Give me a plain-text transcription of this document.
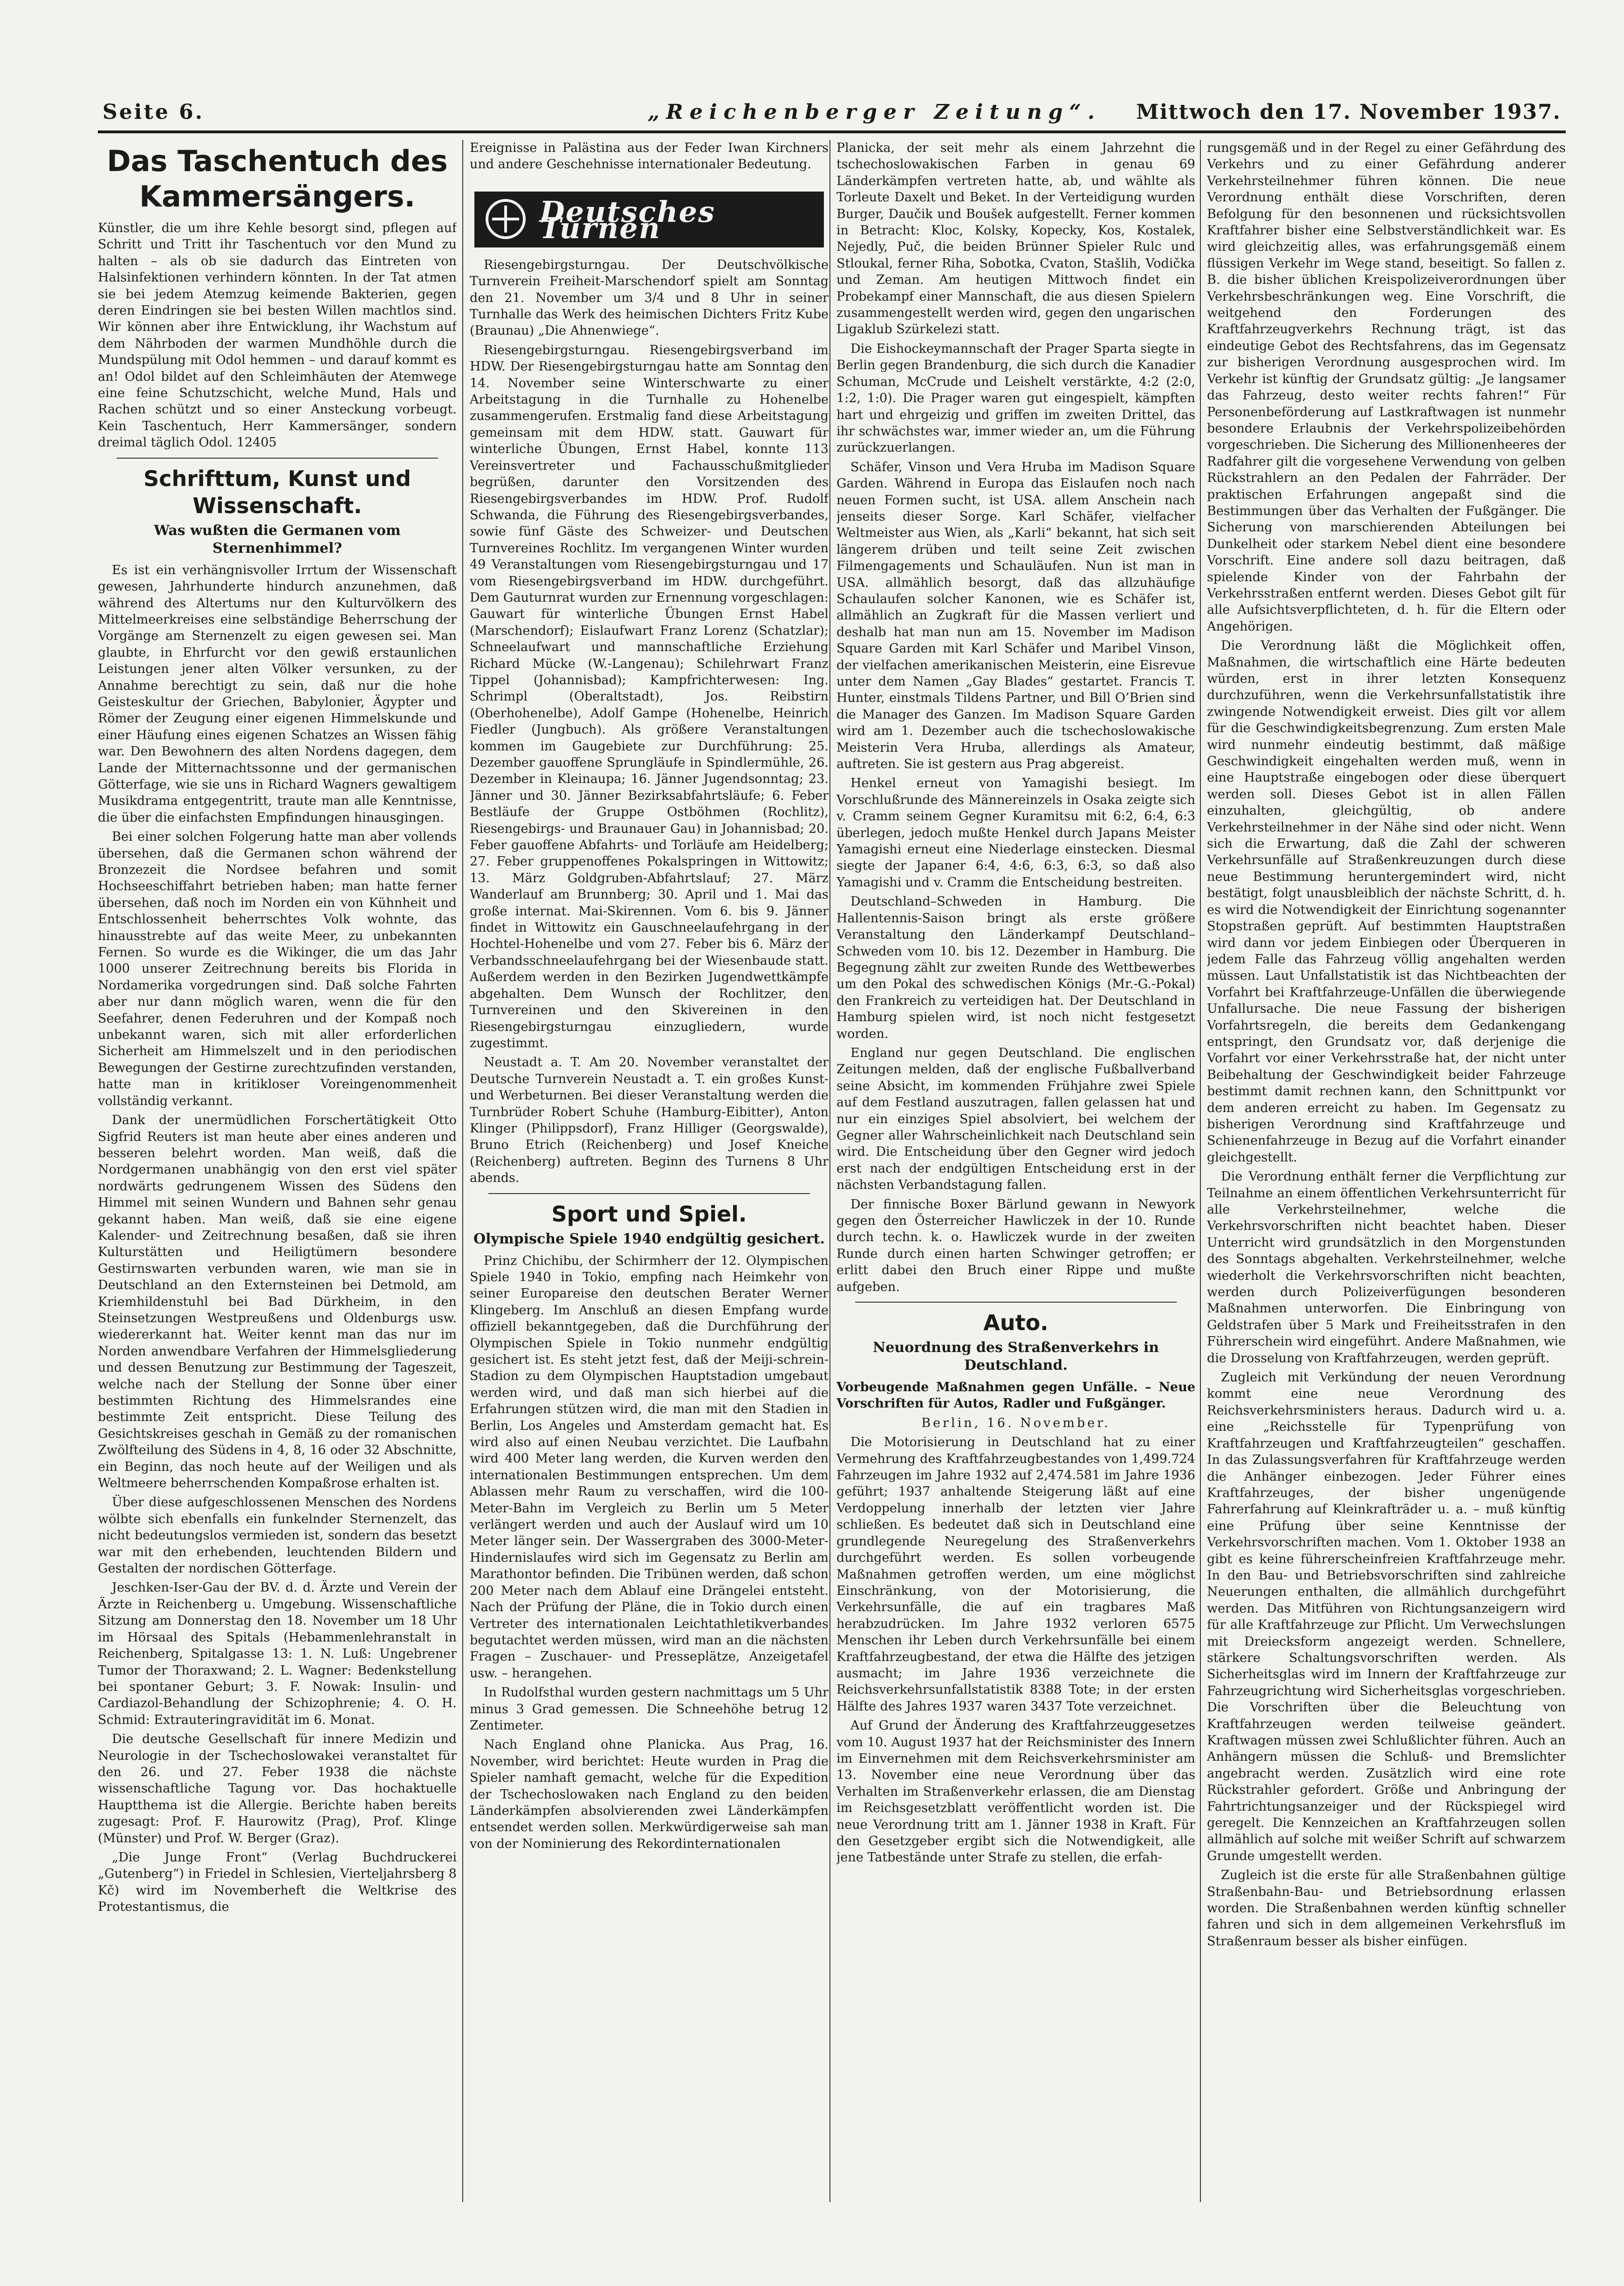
Seite 6.	„Reichenberger Zeitung“. Mittwoch den 17. November 1937.
Das Taschentuch des Kammersängers.

Künstler, die um ihre Kehle besorgt sind, pflegen auf Schritt und Tritt ihr Taschentuch vor den Mund zu halten – als ob sie dadurch das Eintreten von Halsinfektionen verhindern könnten. In der Tat atmen sie bei jedem Atemzug keimende Bakterien, gegen deren Eindringen sie bei besten Willen machtlos sind. Wir können aber ihre Entwicklung, ihr Wachstum auf dem Nährboden der warmen Mundhöhle durch die Mundspülung mit Odol hemmen – und darauf kommt es an! Odol bildet auf den Schleimhäuten der Atemwege eine feine Schutzschicht, welche Mund, Hals und Rachen schützt und so einer Ansteckung vorbeugt. Kein Taschentuch, Herr Kammersänger, sondern dreimal täglich Odol. 12405

Schrifttum, Kunst und Wissenschaft.
Was wußten die Germanen vom Sternenhimmel?

Es ist ein verhängnisvoller Irrtum der Wissenschaft gewesen, Jahrhunderte hindurch anzunehmen, daß während des Altertums nur den Kulturvölkern des Mittelmeerkreises eine selbständige Beherrschung der Vorgänge am Sternenzelt zu eigen gewesen sei. Man glaubte, in Ehrfurcht vor den gewiß erstaunlichen Leistungen jener alten Völker versunken, zu der Annahme berechtigt zu sein, daß nur die hohe Geisteskultur der Griechen, Babylonier, Ägypter und Römer der Zeugung einer eigenen Himmelskunde und einer Häufung eines eigenen Schatzes an Wissen fähig war. Den Bewohnern des alten Nordens dagegen, dem Lande der Mitternachtssonne und der germanischen Götterfage, wie sie uns in Richard Wagners gewaltigem Musikdrama entgegentritt, traute man alle Kenntnisse, die über die einfachsten Empfindungen hinausgingen.

Bei einer solchen Folgerung hatte man aber vollends übersehen, daß die Germanen schon während der Bronzezeit die Nordsee befahren und somit Hochseeschiffahrt betrieben haben; man hatte ferner übersehen, daß noch im Norden ein von Kühnheit und Entschlossenheit beherrschtes Volk wohnte, das hinausstrebte auf das weite Meer, zu unbekannten Fernen. So wurde es die Wikinger, die um das Jahr 1000 unserer Zeitrechnung bereits bis Florida in Nordamerika vorgedrungen sind. Daß solche Fahrten aber nur dann möglich waren, wenn die für den Seefahrer, denen Federuhren und der Kompaß noch unbekannt waren, sich mit aller erforderlichen Sicherheit am Himmelszelt und in den periodischen Bewegungen der Gestirne zurechtzufinden verstanden, hatte man in kritikloser Voreingenommenheit vollständig verkannt.

Dank der unermüdlichen Forschertätigkeit Otto Sigfrid Reuters ist man heute aber eines anderen und besseren belehrt worden. Man weiß, daß die Nordgermanen unabhängig von den erst viel später nordwärts gedrungenem Wissen des Südens den Himmel mit seinen Wundern und Bahnen sehr genau gekannt haben. Man weiß, daß sie eine eigene Kalender- und Zeitrechnung besaßen, daß sie ihren Kulturstätten und Heiligtümern besondere Gestirnswarten verbunden waren, wie man sie in Deutschland an den Externsteinen bei Detmold, am Kriemhildenstuhl bei Bad Dürkheim, in den Steinsetzungen Westpreußens und Oldenburgs usw. wiedererkannt hat. Weiter kennt man das nur im Norden anwendbare Verfahren der Himmelsgliederung und dessen Benutzung zur Bestimmung der Tageszeit, welche nach der Stellung der Sonne über einer bestimmten Richtung des Himmelsrandes eine bestimmte Zeit entspricht. Diese Teilung des Gesichtskreises geschah in Gemäß zu der romanischen Zwölfteilung des Südens in 4, 8, 16 oder 32 Abschnitte, ein Beginn, das noch heute auf der Weiligen und als Weltmeere beherrschenden Kompaßrose erhalten ist.

Über diese aufgeschlossenen Menschen des Nordens wölbte sich ebenfalls ein funkelnder Sternenzelt, das nicht bedeutungslos vermieden ist, sondern das besetzt war mit den erhebenden, leuchtenden Bildern und Gestalten der nordischen Götterfage.

Jeschken-Iser-Gau der BV. d. d. Ärzte und Verein der Ärzte in Reichenberg u. Umgebung. Wissenschaftliche Sitzung am Donnerstag den 18. November um 18 Uhr im Hörsaal des Spitals (Hebammenlehranstalt in Reichenberg, Spitalgasse 13: 1. N. Luß: Ungebrener Tumor der Thoraxwand; 2. L. Wagner: Bedenkstellung bei spontaner Geburt; 3. F. Nowak: Insulin- und Cardiazol-Behandlung der Schizophrenie; 4. O. H. Schmid: Extrauteringravidität im 6. Monat.

Die deutsche Gesellschaft für innere Medizin und Neurologie in der Tschechoslowakei veranstaltet für den 26. und 27. Feber 1938 die nächste wissenschaftliche Tagung vor. Das hochaktuelle Hauptthema ist die Allergie. Berichte haben bereits zugesagt: Prof. F. Haurowitz (Prag), Prof. Klinge (Münster) und Prof. W. Berger (Graz).

„Die Junge Front“ (Verlag Buchdruckerei „Gutenberg“) in Friedel in Schlesien, Vierteljahrsberg 8 Kč) wird im Novemberheft die Weltkrise des Protestantismus, die

Ereignisse in Palästina aus der Feder Iwan Kirchners und andere Geschehnisse internationaler Bedeutung.

Deutsches Turnen

Riesengebirgsturngau. Der Deutschvölkische Turnverein Freiheit-Marschendorf spielt am Sonntag den 21. November um 3/4 und 8 Uhr in seiner Turnhalle das Werk des heimischen Dichters Fritz Kube (Braunau) „Die Ahnenwiege“.

Riesengebirgsturngau. Riesengebirgsverband im HDW. Der Riesengebirgsturngau hatte am Sonntag den 14. November seine Winterschwarte zu einer Arbeitstagung in die Turnhalle zu Hohenelbe zusammengerufen. Erstmalig fand diese Arbeitstagung gemeinsam mit dem HDW. statt. Gauwart für winterliche Übungen, Ernst Habel, konnte 113 Vereinsvertreter und Fachausschußmitglieder begrüßen, darunter den Vorsitzenden des Riesengebirgsverbandes im HDW. Prof. Rudolf Schwanda, die Führung des Riesengebirgsverbandes, sowie fünf Gäste des Schweizer- und Deutschen Turnvereines Rochlitz. Im vergangenen Winter wurden 49 Veranstaltungen vom Riesengebirgsturngau und 17 vom Riesengebirgsverband im HDW. durchgeführt. Dem Gauturnrat wurden zur Ernennung vorgeschlagen: Gauwart für winterliche Übungen Ernst Habel (Marschendorf); Eislaufwart Franz Lorenz (Schatzlar); Schneelaufwart und mannschaftliche Erziehung Richard Mücke (W.-Langenau); Schilehrwart Franz Tippel (Johannisbad); Kampfrichterwesen: Ing. Schrimpl (Oberaltstadt), Jos. Reibstirn (Oberhohenelbe), Adolf Gampe (Hohenelbe, Heinrich Fiedler (Jungbuch). Als größere Veranstaltungen kommen im Gaugebiete zur Durchführung: 25. Dezember gauoffene Sprungläufe in Spindlermühle, 26. Dezember in Kleinaupa; 16. Jänner Jugendsonntag; 23. Jänner und 30. Jänner Bezirksabfahrtsläufe; 6. Feber Bestläufe der Gruppe Ostböhmen (Rochlitz), Riesengebirgs- und Braunauer Gau) in Johannisbad; 20. Feber gauoffene Abfahrts- und Torläufe am Heidelberg; 27. Feber gruppenoffenes Pokalspringen in Wittowitz; 13. März Goldgruben-Abfahrtslauf; 27. März Wanderlauf am Brunnberg; 30. April und 1. Mai das große internat. Mai-Skirennen. Vom 6. bis 9. Jänner findet in Wittowitz ein Gauschneelaufehrgang in der Hochtel-Hohenelbe und vom 27. Feber bis 6. März der Verbandsschneelaufehrgang bei der Wiesenbaude statt. Außerdem werden in den Bezirken Jugendwettkämpfe abgehalten. Dem Wunsch der Rochlitzer, den Turnvereinen und den Skivereinen in den Riesengebirgsturngau einzugliedern, wurde zugestimmt.

Neustadt a. T. Am 20. November veranstaltet der Deutsche Turnverein Neustadt a. T. ein großes Kunst- und Werbeturnen. Bei dieser Veranstaltung werden die Turnbrüder Robert Schuhe (Hamburg-Eibitter), Anton Klinger (Philippsdorf), Franz Hilliger (Georgswalde), Bruno Etrich (Reichenberg) und Josef Kneiche (Reichenberg) auftreten. Beginn des Turnens 8 Uhr abends.

Sport und Spiel.
Olympische Spiele 1940 endgültig gesichert.

Prinz Chichibu, der Schirmherr der 12. Olympischen Spiele 1940 in Tokio, empfing nach Heimkehr von seiner Europareise den deutschen Berater Werner Klingeberg. Im Anschluß an diesen Empfang wurde offiziell bekanntgegeben, daß die Durchführung der Olympischen Spiele in Tokio nunmehr endgültig gesichert ist. Es steht jetzt fest, daß der Meiji-schrein-Stadion zu dem Olympischen Hauptstadion umgebaut werden wird, und daß man sich hierbei auf die Erfahrungen stützen wird, die man mit den Stadien in Berlin, Los Angeles und Amsterdam gemacht hat. Es wird also auf einen Neubau verzichtet. Die Laufbahn wird 400 Meter lang werden, die Kurven werden den internationalen Bestimmungen entsprechen. Um dem Ablassen mehr Raum zu verschaffen, wird die 100-Meter-Bahn im Vergleich zu Berlin um 5 Meter verlängert werden und auch der Auslauf wird um 10 Meter länger sein. Der Wassergraben des 3000-Meter-Hindernislaufes wird sich im Gegensatz zu Berlin am Marathontor befinden. Die Tribünen werden, daß schon 200 Meter nach dem Ablauf eine Drängelei entsteht. Nach der Prüfung der Pläne, die in Tokio durch einen Vertreter des internationalen Leichtathletikverbandes begutachtet werden müssen, wird man an die nächsten Fragen – Zuschauer- und Presseplätze, Anzeigetafel usw. – herangehen.

In Rudolfsthal wurden gestern nachmittags um 5 Uhr minus 3 Grad gemessen. Die Schneehöhe betrug 12 Zentimeter.

Nach England ohne Planicka. Aus Prag, 16. November, wird berichtet: Heute wurden in Prag die Spieler namhaft gemacht, welche für die Expedition der Tschechoslowaken nach England zu den beiden Länderkämpfen absolvierenden zwei Länderkämpfen entsendet werden sollen. Merkwürdigerweise sah man von der Nominierung des Rekordinternationalen

Planicka, der seit mehr als einem Jahrzehnt die tschechoslowakischen Farben in genau 69 Länderkämpfen vertreten hatte, ab, und wählte als Torleute Daxelt und Beket. In der Verteidigung wurden Burger, Daučik und Boušek aufgestellt. Ferner kommen in Betracht: Kloc, Kolsky, Kopecky, Kos, Kostalek, Nejedly, Puč, die beiden Brünner Spieler Rulc und Stloukal, ferner Riha, Sobotka, Cvaton, Stašlih, Vodička und Zeman. Am heutigen Mittwoch findet ein Probekampf einer Mannschaft, die aus diesen Spielern zusammengestellt werden wird, gegen den ungarischen Ligaklub Szürkelezi statt.

Die Eishockeymannschaft der Prager Sparta siegte in Berlin gegen Brandenburg, die sich durch die Kanadier Schuman, McCrude und Leishelt verstärkte, 4:2 (2:0, 1:2, 1:0). Die Prager waren gut eingespielt, kämpften hart und ehrgeizig und griffen im zweiten Drittel, das ihr schwächstes war, immer wieder an, um die Führung zurückzuerlangen.

Schäfer, Vinson und Vera Hruba im Madison Square Garden. Während in Europa das Eislaufen noch nach neuen Formen sucht, ist USA. allem Anschein nach jenseits dieser Sorge. Karl Schäfer, vielfacher Weltmeister aus Wien, als „Karli“ bekannt, hat sich seit längerem drüben und teilt seine Zeit zwischen Filmengagements und Schauläufen. Nun ist man in USA. allmählich besorgt, daß das allzuhäufige Schaulaufen solcher Kanonen, wie es Schäfer ist, allmählich an Zugkraft für die Massen verliert und deshalb hat man nun am 15. November im Madison Square Garden mit Karl Schäfer und Maribel Vinson, der vielfachen amerikanischen Meisterin, eine Eisrevue unter dem Namen „Gay Blades“ gestartet. Francis T. Hunter, einstmals Tildens Partner, und Bill O’Brien sind die Manager des Ganzen. Im Madison Square Garden wird am 1. Dezember auch die tschechoslowakische Meisterin Vera Hruba, allerdings als Amateur, auftreten. Sie ist gestern aus Prag abgereist.

Henkel erneut von Yamagishi besiegt. Im Vorschlußrunde des Männereinzels in Osaka zeigte sich v. Cramm seinem Gegner Kuramitsu mit 6:2, 6:4, 6:3 überlegen, jedoch mußte Henkel durch Japans Meister Yamagishi erneut eine Niederlage einstecken. Diesmal siegte der Japaner 6:4, 4:6, 6:3, 6:3, so daß also Yamagishi und v. Cramm die Entscheidung bestreiten.

Deutschland–Schweden in Hamburg. Die Hallentennis-Saison bringt als erste größere Veranstaltung den Länderkampf Deutschland–Schweden vom 10. bis 12. Dezember in Hamburg. Die Begegnung zählt zur zweiten Runde des Wettbewerbes um den Pokal des schwedischen Königs (Mr.-G.-Pokal) den Frankreich zu verteidigen hat. Der Deutschland in Hamburg spielen wird, ist noch nicht festgesetzt worden.

England nur gegen Deutschland. Die englischen Zeitungen melden, daß der englische Fußballverband seine Absicht, im kommenden Frühjahre zwei Spiele auf dem Festland auszutragen, fallen gelassen hat und nur ein einziges Spiel absolviert, bei welchem der Gegner aller Wahrscheinlichkeit nach Deutschland sein wird. Die Entscheidung über den Gegner wird jedoch erst nach der endgültigen Entscheidung erst in der nächsten Verbandstagung fallen.

Der finnische Boxer Bärlund gewann in Newyork gegen den Österreicher Hawliczek in der 10. Runde durch techn. k. o. Hawliczek wurde in der zweiten Runde durch einen harten Schwinger getroffen; er erlitt dabei den Bruch einer Rippe und mußte aufgeben.

Auto.
Neuordnung des Straßenverkehrs in Deutschland.

Vorbeugende Maßnahmen gegen Unfälle. – Neue Vorschriften für Autos, Radler und Fußgänger.

Berlin, 16. November.

Die Motorisierung in Deutschland hat zu einer Vermehrung des Kraftfahrzeugbestandes von 1,499.724 Fahrzeugen im Jahre 1932 auf 2,474.581 im Jahre 1936 geführt; 1937 anhaltende Steigerung läßt auf eine Verdoppelung innerhalb der letzten vier Jahre schließen. Es bedeutet daß sich in Deutschland eine grundlegende Neuregelung des Straßenverkehrs durchgeführt werden. Es sollen vorbeugende Maßnahmen getroffen werden, um eine möglichst Einschränkung, von der Motorisierung, die Verkehrsunfälle, die auf ein tragbares Maß herabzudrücken. Im Jahre 1932 verloren 6575 Menschen ihr Leben durch Verkehrsunfälle bei einem Kraftfahrzeugbestand, der etwa die Hälfte des jetzigen ausmacht; im Jahre 1936 verzeichnete die Reichsverkehrsunfallstatistik 8388 Tote; in der ersten Hälfte des Jahres 1937 waren 3437 Tote verzeichnet.

Auf Grund der Änderung des Kraftfahrzeuggesetzes vom 10. August 1937 hat der Reichsminister des Innern im Einvernehmen mit dem Reichsverkehrsminister am 13. November eine neue Verordnung über das Verhalten im Straßenverkehr erlassen, die am Dienstag im Reichsgesetzblatt veröffentlicht worden ist. Die neue Verordnung tritt am 1. Jänner 1938 in Kraft. Für den Gesetzgeber ergibt sich die Notwendigkeit, alle jene Tatbestände unter Strafe zu stellen, die erfah-

rungsgemäß und in der Regel zu einer Gefährdung des Verkehrs und zu einer Gefährdung anderer Verkehrsteilnehmer führen können. Die neue Verordnung enthält diese Vorschriften, deren Befolgung für den besonnenen und rücksichtsvollen Kraftfahrer bisher eine Selbstverständlichkeit war. Es wird gleichzeitig alles, was erfahrungsgemäß einem flüssigen Verkehr im Wege stand, beseitigt. So fallen z. B. die bisher üblichen Kreispolizeiverordnungen über Verkehrsbeschränkungen weg. Eine Vorschrift, die weitgehend den Forderungen des Kraftfahrzeugverkehrs Rechnung trägt, ist das eindeutige Gebot des Rechtsfahrens, das im Gegensatz zur bisherigen Verordnung ausgesprochen wird. Im Verkehr ist künftig der Grundsatz gültig: „Je langsamer das Fahrzeug, desto weiter rechts fahren!“ Für Personenbeförderung auf Lastkraftwagen ist nunmehr besondere Erlaubnis der Verkehrspolizeibehörden vorgeschrieben. Die Sicherung des Millionenheeres der Radfahrer gilt die vorgesehene Verwendung von gelben Rückstrahlern an den Pedalen der Fahrräder. Der praktischen Erfahrungen angepaßt sind die Bestimmungen über das Verhalten der Fußgänger. Die Sicherung von marschierenden Abteilungen bei Dunkelheit oder starkem Nebel dient eine besondere Vorschrift. Eine andere soll dazu beitragen, daß spielende Kinder von der Fahrbahn der Verkehrsstraßen entfernt werden. Dieses Gebot gilt für alle Aufsichtsverpflichteten, d. h. für die Eltern oder Angehörigen.

Die Verordnung läßt die Möglichkeit offen, Maßnahmen, die wirtschaftlich eine Härte bedeuten würden, erst in ihrer letzten Konsequenz durchzuführen, wenn die Verkehrsunfallstatistik ihre zwingende Notwendigkeit erweist. Dies gilt vor allem für die Geschwindigkeitsbegrenzung. Zum ersten Male wird nunmehr eindeutig bestimmt, daß mäßige Geschwindigkeit eingehalten werden muß, wenn in eine Hauptstraße eingebogen oder diese überquert werden soll. Dieses Gebot ist in allen Fällen einzuhalten, gleichgültig, ob andere Verkehrsteilnehmer in der Nähe sind oder nicht. Wenn sich die Erwartung, daß die Zahl der schweren Verkehrsunfälle auf Straßenkreuzungen durch diese neue Bestimmung heruntergemindert wird, nicht bestätigt, folgt unausbleiblich der nächste Schritt, d. h. es wird die Notwendigkeit der Einrichtung sogenannter Stopstraßen geprüft. Auf bestimmten Hauptstraßen wird dann vor jedem Einbiegen oder Überqueren in jedem Falle das Fahrzeug völlig angehalten werden müssen. Laut Unfallstatistik ist das Nichtbeachten der Vorfahrt bei Kraftfahrzeuge-Unfällen die überwiegende Unfallursache. Die neue Fassung der bisherigen Vorfahrtsregeln, die bereits dem Gedankengang entspringt, den Grundsatz vor, daß derjenige die Vorfahrt vor einer Verkehrsstraße hat, der nicht unter Beibehaltung der Geschwindigkeit beider Fahrzeuge bestimmt damit rechnen kann, den Schnittpunkt vor dem anderen erreicht zu haben. Im Gegensatz zu bisherigen Verordnung sind Kraftfahrzeuge und Schienenfahrzeuge in Bezug auf die Vorfahrt einander gleichgestellt.

Die Verordnung enthält ferner die Verpflichtung zur Teilnahme an einem öffentlichen Verkehrsunterricht für alle Verkehrsteilnehmer, welche die Verkehrsvorschriften nicht beachtet haben. Dieser Unterricht wird grundsätzlich in den Morgenstunden des Sonntags abgehalten. Verkehrsteilnehmer, welche wiederholt die Verkehrsvorschriften nicht beachten, werden durch Polizeiverfügungen besonderen Maßnahmen unterworfen. Die Einbringung von Geldstrafen über 5 Mark und Freiheitsstrafen in den Führerschein wird eingeführt. Andere Maßnahmen, wie die Drosselung von Kraftfahrzeugen, werden geprüft.

Zugleich mit Verkündung der neuen Verordnung kommt eine neue Verordnung des Reichsverkehrsministers heraus. Dadurch wird u. a. eine „Reichsstelle für Typenprüfung von Kraftfahrzeugen und Kraftfahrzeugteilen“ geschaffen. In das Zulassungsverfahren für Kraftfahrzeuge werden die Anhänger einbezogen. Jeder Führer eines Kraftfahrzeuges, der bisher ungenügende Fahrerfahrung auf Kleinkrafträder u. a. – muß künftig eine Prüfung über seine Kenntnisse der Verkehrsvorschriften machen. Vom 1. Oktober 1938 an gibt es keine führerscheinfreien Kraftfahrzeuge mehr. In den Bau- und Betriebsvorschriften sind zahlreiche Neuerungen enthalten, die allmählich durchgeführt werden. Das Mitführen von Richtungsanzeigern wird für alle Kraftfahrzeuge zur Pflicht. Um Verwechslungen mit Dreiecksform angezeigt werden. Schnellere, stärkere Schaltungsvorschriften werden. Als Sicherheitsglas wird im Innern der Kraftfahrzeuge zur Fahrzeugrichtung wird Sicherheitsglas vorgeschrieben. Die Vorschriften über die Beleuchtung von Kraftfahrzeugen werden teilweise geändert. Kraftwagen müssen zwei Schlußlichter führen. Auch an Anhängern müssen die Schluß- und Bremslichter angebracht werden. Zusätzlich wird eine rote Rückstrahler gefordert. Größe und Anbringung der Fahrtrichtungsanzeiger und der Rückspiegel wird geregelt. Die Kennzeichen an Kraftfahrzeugen sollen allmählich auf solche mit weißer Schrift auf schwarzem Grunde umgestellt werden.

Zugleich ist die erste für alle Straßenbahnen gültige Straßenbahn-Bau- und Betriebsordnung erlassen worden. Die Straßenbahnen werden künftig schneller fahren und sich in dem allgemeinen Verkehrsfluß im Straßenraum besser als bisher einfügen.
